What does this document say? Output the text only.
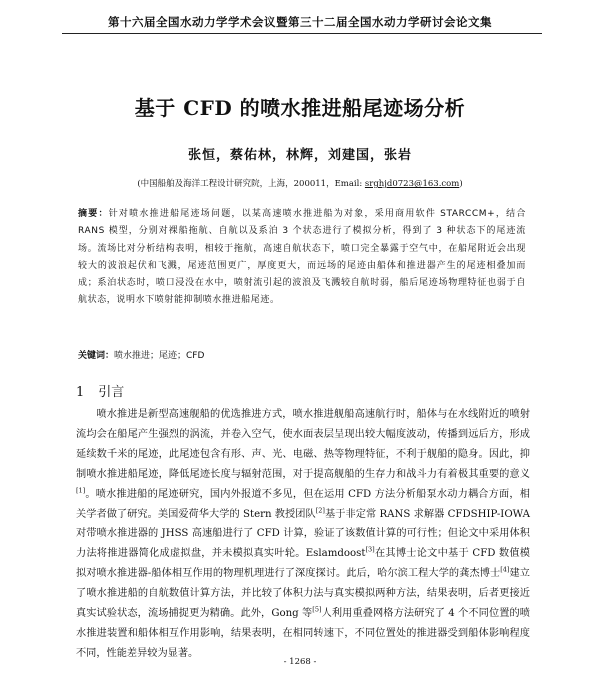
第十六届全国水动力学学术会议暨第三十二届全国水动力学研讨会论文集
基于 CFD 的喷水推进船尾迹场分析
张恒，蔡佑林，林辉，刘建国，张岩
(中国船舶及海洋工程设计研究院，上海，200011，Email: srghjd0723@163.com)
摘要：针对喷水推进船尾迹场问题，以某高速喷水推进船为对象，采用商用软件 STARCCM+，结合 RANS 模型，分别对裸船拖航、自航以及系泊 3 个状态进行了模拟分析，得到了 3 种状态下的尾迹流场。流场比对分析结构表明，相较于拖航，高速自航状态下，喷口完全暴露于空气中，在船尾附近会出现较大的波浪起伏和飞溅，尾迹范围更广，厚度更大，而远场的尾迹由船体和推进器产生的尾迹相叠加而成；系泊状态时，喷口浸没在水中，喷射流引起的波浪及飞溅较自航时弱，船后尾迹场物理特征也弱于自航状态，说明水下喷射能抑制喷水推进船尾迹。
关键词：喷水推进；尾迹；CFD
1 引言
喷水推进是新型高速舰船的优选推进方式，喷水推进舰船高速航行时，船体与在水线附近的喷射流均会在船尾产生强烈的涡流，并卷入空气，使水面表层呈现出较大幅度波动，传播到远后方，形成延续数千米的尾迹，此尾迹包含有形、声、光、电磁、热等物理特征，不利于舰船的隐身。因此，抑制喷水推进船尾迹，降低尾迹长度与辐射范围，对于提高舰船的生存力和战斗力有着极其重要的意义[1]。喷水推进船的尾迹研究，国内外报道不多见，但在运用 CFD 方法分析船泵水动力耦合方面，相关学者做了研究。美国爱荷华大学的 Stern 教授团队[2]基于非定常 RANS 求解器 CFDSHIP-IOWA 对带喷水推进器的 JHSS 高速船进行了 CFD 计算，验证了该数值计算的可行性；但论文中采用体积力法将推进器简化成虚拟盘，并未模拟真实叶轮。Eslamdoost[3]在其博士论文中基于 CFD 数值模拟对喷水推进器-船体相互作用的物理机理进行了深度探讨。此后，哈尔滨工程大学的龚杰博士[4]建立了喷水推进船的自航数值计算方法，并比较了体积力法与真实模拟两种方法，结果表明，后者更接近真实试验状态，流场捕捉更为精确。此外，Gong 等[5]人利用重叠网格方法研究了 4 个不同位置的喷水推进装置和船体相互作用影响，结果表明，在相同转速下，不同位置处的推进器受到船体影响程度不同，性能差异较为显著。
- 1268 -
